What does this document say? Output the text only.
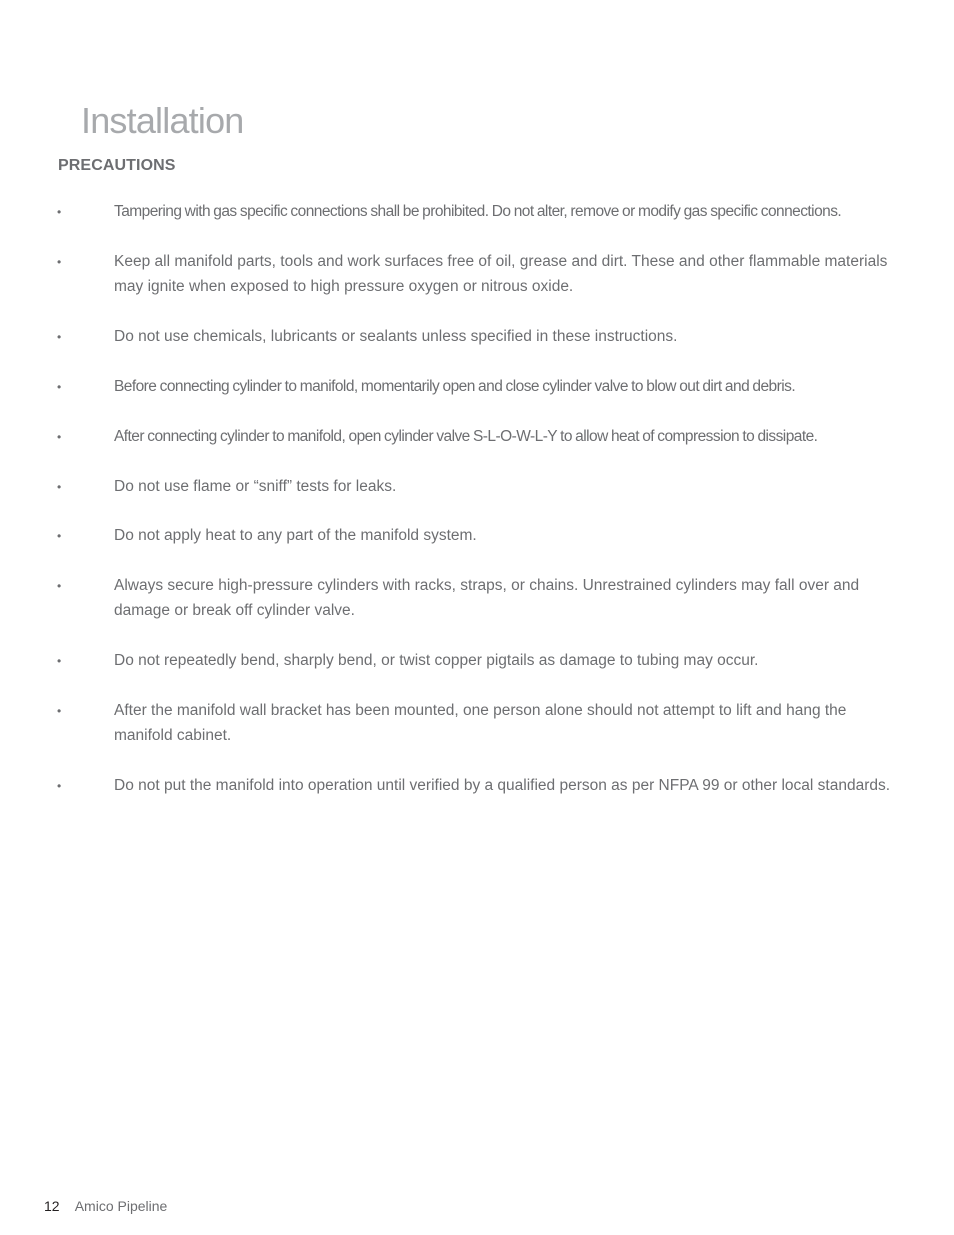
Installation
PRECAUTIONS
•	Tampering with gas specific connections shall be prohibited. Do not alter, remove or modify gas specific connections.
•	Keep all manifold parts, tools and work surfaces free of oil, grease and dirt. These and other flammable materials may ignite when exposed to high pressure oxygen or nitrous oxide.
•	Do not use chemicals, lubricants or sealants unless specified in these instructions.
•	Before connecting cylinder to manifold, momentarily open and close cylinder valve to blow out dirt and debris.
•	After connecting cylinder to manifold, open cylinder valve S-L-O-W-L-Y to allow heat of compression to dissipate.
•	Do not use flame or “sniff” tests for leaks.
•	Do not apply heat to any part of the manifold system.
•	Always secure high-pressure cylinders with racks, straps, or chains. Unrestrained cylinders may fall over and damage or break off cylinder valve.
•	Do not repeatedly bend, sharply bend, or twist copper pigtails as damage to tubing may occur.
•	After the manifold wall bracket has been mounted, one person alone should not attempt to lift and hang the manifold cabinet.
•	Do not put the manifold into operation until verified by a qualified person as per NFPA 99 or other local standards.
12 Amico Pipeline
